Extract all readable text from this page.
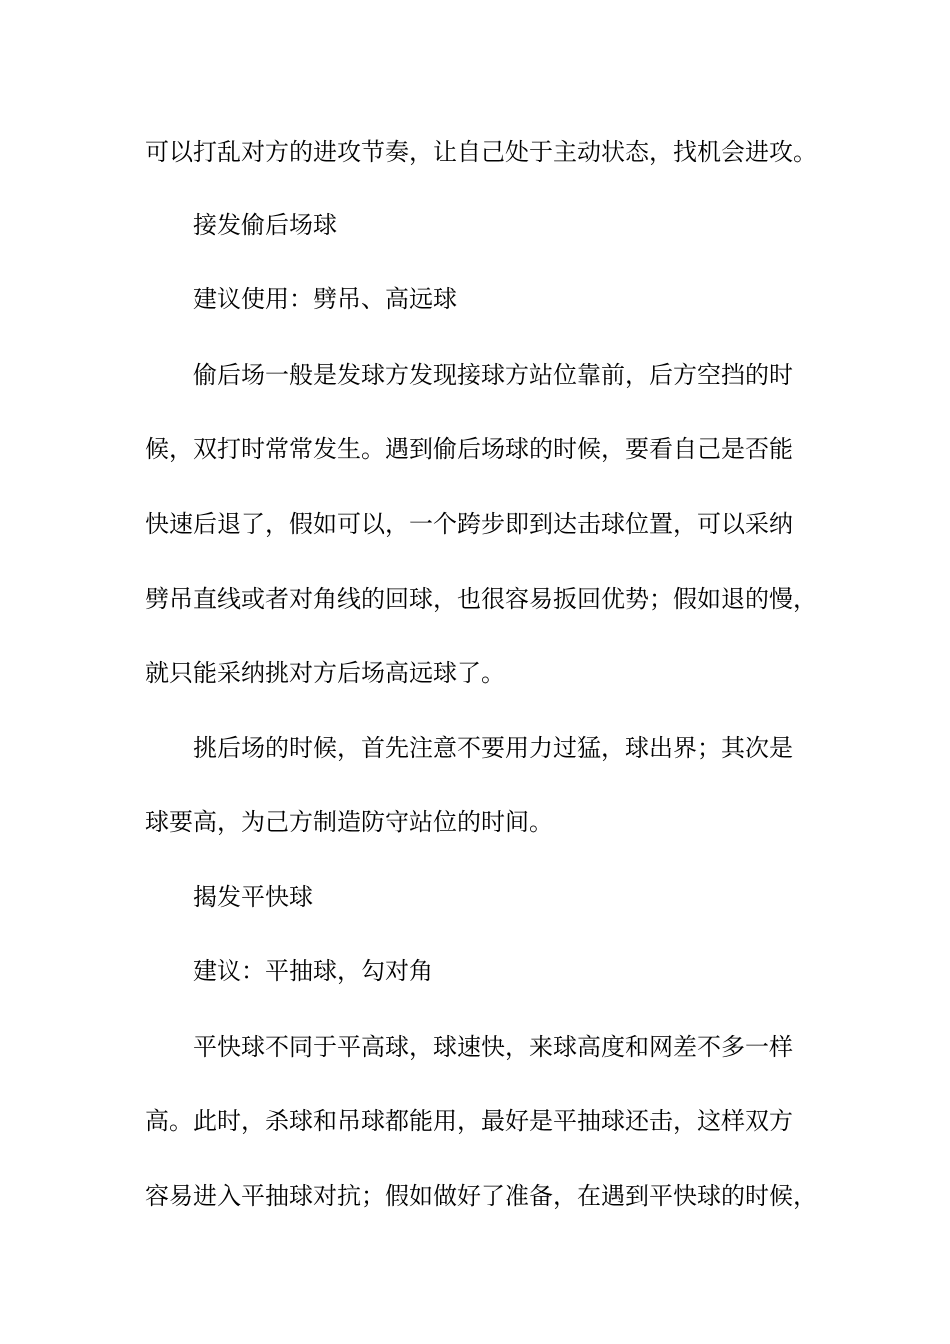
可以打乱对方的进攻节奏，让自己处于主动状态，找机会进攻。
接发偷后场球
建议使用：劈吊、高远球
偷后场一般是发球方发现接球方站位靠前，后方空挡的时
候，双打时常常发生。遇到偷后场球的时候，要看自己是否能
快速后退了，假如可以，一个跨步即到达击球位置，可以采纳
劈吊直线或者对角线的回球，也很容易扳回优势；假如退的慢，
就只能采纳挑对方后场高远球了。
挑后场的时候，首先注意不要用力过猛，球出界；其次是
球要高，为己方制造防守站位的时间。
揭发平快球
建议：平抽球，勾对角
平快球不同于平高球，球速快，来球高度和网差不多一样
高。此时，杀球和吊球都能用，最好是平抽球还击，这样双方
容易进入平抽球对抗；假如做好了准备，在遇到平快球的时候，
